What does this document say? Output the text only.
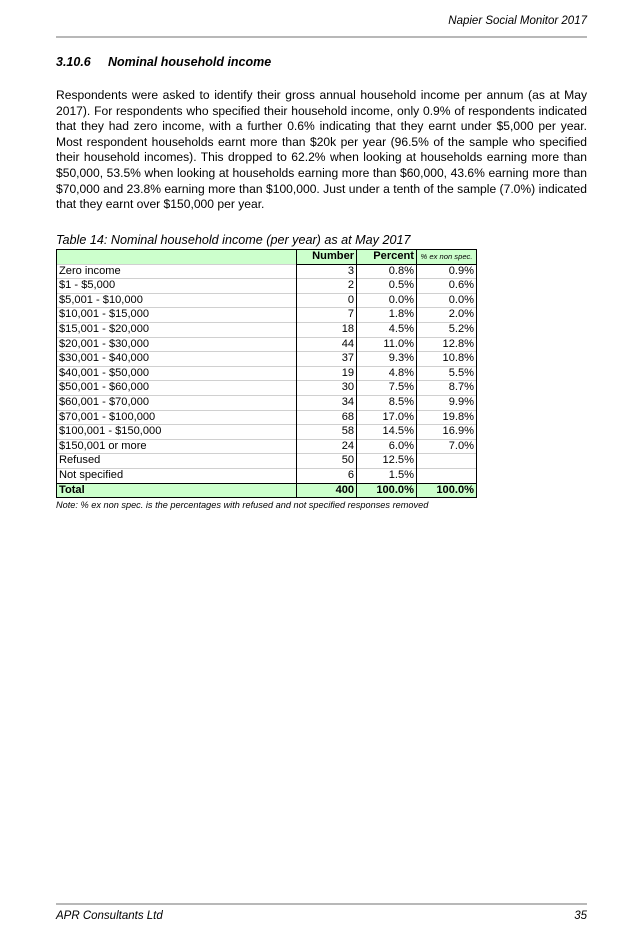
Napier Social Monitor 2017
3.10.6 Nominal household income

Respondents were asked to identify their gross annual household income per annum (as at May 2017). For respondents who specified their household income, only 0.9% of respondents indicated that they had zero income, with a further 0.6% indicating that they earnt under $5,000 per year. Most respondent households earnt more than $20k per year (96.5% of the sample who specified their household incomes). This dropped to 62.2% when looking at households earning more than $50,000, 53.5% when looking at households earning more than $60,000, 43.6% earning more than $70,000 and 23.8% earning more than $100,000. Just under a tenth of the sample (7.0%) indicated that they earnt over $150,000 per year.

Table 14: Nominal household income (per year) as at May 2017
	Number	Percent	% ex non spec.
Zero income	3	0.8%	0.9%
$1 - $5,000	2	0.5%	0.6%
$5,001 - $10,000	0	0.0%	0.0%
$10,001 - $15,000	7	1.8%	2.0%
$15,001 - $20,000	18	4.5%	5.2%
$20,001 - $30,000	44	11.0%	12.8%
$30,001 - $40,000	37	9.3%	10.8%
$40,001 - $50,000	19	4.8%	5.5%
$50,001 - $60,000	30	7.5%	8.7%
$60,001 - $70,000	34	8.5%	9.9%
$70,001 - $100,000	68	17.0%	19.8%
$100,001 - $150,000	58	14.5%	16.9%
$150,001 or more	24	6.0%	7.0%
Refused	50	12.5%	
Not specified	6	1.5%	
Total	400	100.0%	100.0%
Note: % ex non spec. is the percentages with refused and not specified responses removed
APR Consultants Ltd	35
